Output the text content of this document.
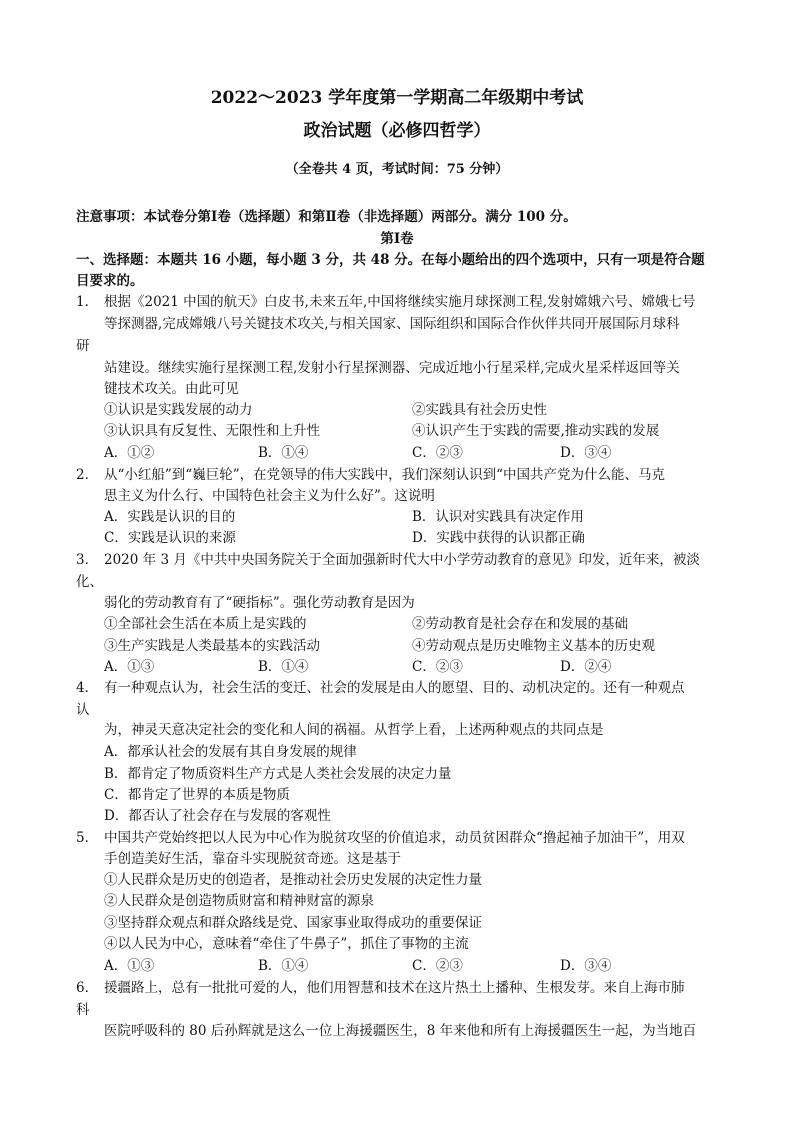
2022～2023 学年度第一学期高二年级期中考试
政治试题（必修四哲学）
（全卷共 4 页，考试时间：75 分钟）
注意事项：本试卷分第Ⅰ卷（选择题）和第Ⅱ卷（非选择题）两部分。满分 100 分。
第Ⅰ卷
一、选择题：本题共 16 小题，每小题 3 分，共 48 分。在每小题给出的四个选项中，只有一项是符合题
目要求的。
1． 根据《2021 中国的航天》白皮书,未来五年,中国将继续实施月球探测工程,发射嫦娥六号、嫦娥七号
等探测器,完成嫦娥八号关键技术攻关,与相关国家、国际组织和国际合作伙伴共同开展国际月球科
研
站建设。继续实施行星探测工程,发射小行星探测器、完成近地小行星采样,完成火星采样返回等关
键技术攻关。由此可见
①认识是实践发展的动力	②实践具有社会历史性
③认识具有反复性、无限性和上升性	④认识产生于实践的需要,推动实践的发展
A．①②	B．①④	C．②③	D．③④
2． 从“小红船”到“巍巨轮”，在党领导的伟大实践中，我们深刻认识到“中国共产党为什么能、马克
思主义为什么行、中国特色社会主义为什么好”。这说明
A．实践是认识的目的	B．认识对实践具有决定作用
C．实践是认识的来源	D．实践中获得的认识都正确
3． 2020 年 3 月《中共中央国务院关于全面加强新时代大中小学劳动教育的意见》印发，近年来，被淡
化、
弱化的劳动教育有了“硬指标”。强化劳动教育是因为
①全部社会生活在本质上是实践的	②劳动教育是社会存在和发展的基础
③生产实践是人类最基本的实践活动	④劳动观点是历史唯物主义基本的历史观
A．①③	B．①④	C．②③	D．②④
4． 有一种观点认为，社会生活的变迁、社会的发展是由人的愿望、目的、动机决定的。还有一种观点
认
为，神灵天意决定社会的变化和人间的祸福。从哲学上看，上述两种观点的共同点是
A．都承认社会的发展有其自身发展的规律
B．都肯定了物质资料生产方式是人类社会发展的决定力量
C．都肯定了世界的本质是物质
D．都否认了社会存在与发展的客观性
5． 中国共产党始终把以人民为中心作为脱贫攻坚的价值追求，动员贫困群众“撸起袖子加油干”，用双
手创造美好生活，靠奋斗实现脱贫奇迹。这是基于
①人民群众是历史的创造者，是推动社会历史发展的决定性力量
②人民群众是创造物质财富和精神财富的源泉
③坚持群众观点和群众路线是党、国家事业取得成功的重要保证
④以人民为中心，意味着“牵住了牛鼻子”，抓住了事物的主流
A．①③	B．①④	C．②③	D．③④
6． 援疆路上，总有一批批可爱的人，他们用智慧和技术在这片热土上播种、生根发芽。来自上海市肺
科
医院呼吸科的 80 后孙辉就是这么一位上海援疆医生，8 年来他和所有上海援疆医生一起，为当地百
